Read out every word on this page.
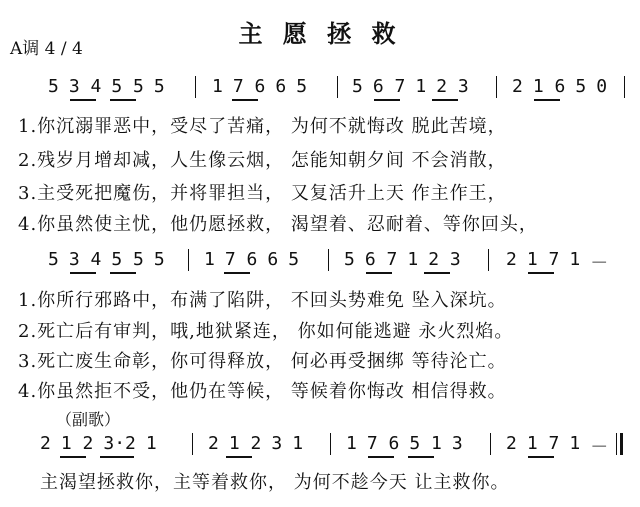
主 愿 拯 救
A调 4 / 4
5 3 4 5 5 5	1 7 6 6 5 5 6 7 1 2 3 2 1 6 5 0
1.你沉溺罪恶中，受尽了苦痛， 为何不就悔改 脱此苦境，
2.残岁月增却减，人生像云烟， 怎能知朝夕间 不会消散，
3.主受死把魔伤，并将罪担当， 又复活升上天 作主作王，
4.你虽然使主忧，他仍愿拯救， 渴望着、忍耐着、等你回头，
5 3 4 5 5 5 1 7 6 6 5 5 6 7 1 2 3	2 1 7 1 －
1.你所行邪路中，布满了陷阱， 不回头势难免 坠入深坑。
2.死亡后有审判，哦,地狱紧连， 你如何能逃避 永火烈焰。
3.死亡废生命彰，你可得释放， 何必再受捆绑 等待沦亡。
4.你虽然拒不受，他仍在等候， 等候着你悔改 相信得救。
（副歌）
2 1 2 3·2 1	2 1 2 3 1 1 7 6 5 1 3 2 1 7 1 －
主渴望拯救你，主等着救你， 为何不趁今天 让主救你。
